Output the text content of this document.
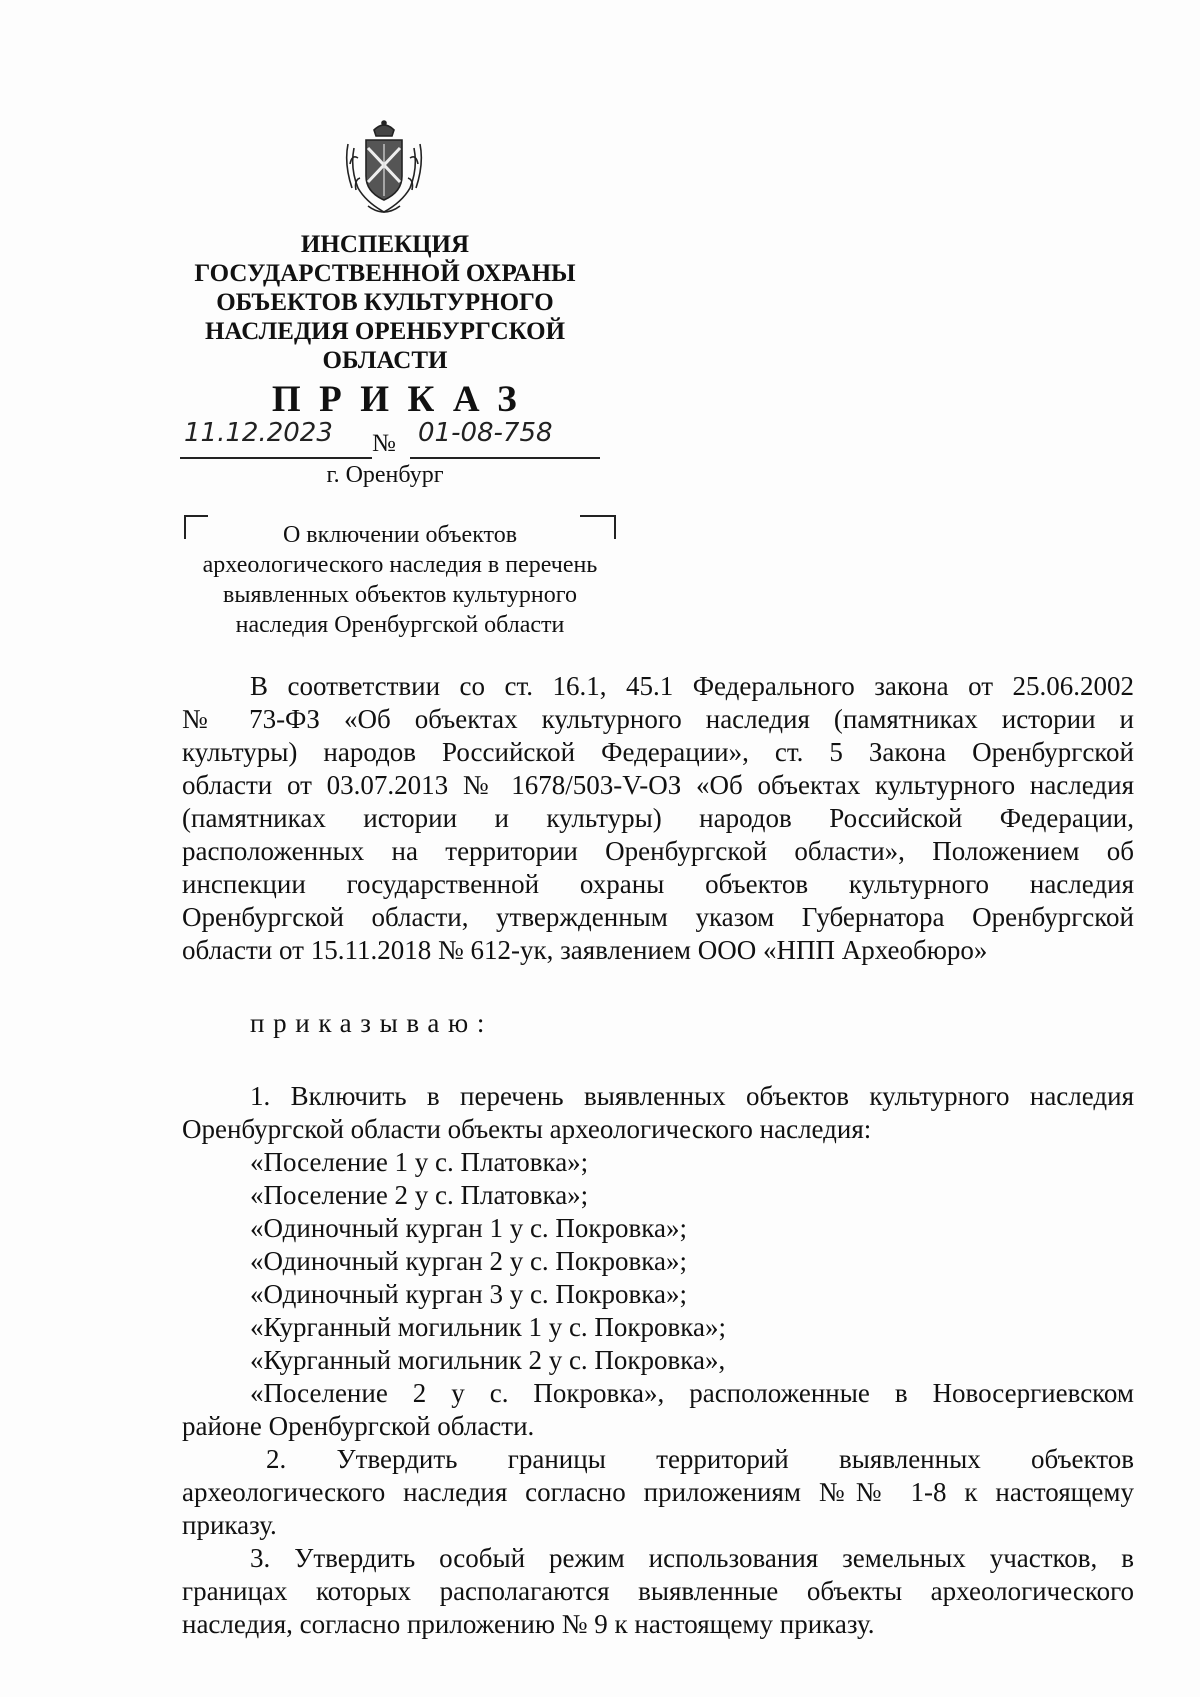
ИНСПЕКЦИЯ
ГОСУДАРСТВЕННОЙ ОХРАНЫ
ОБЪЕКТОВ КУЛЬТУРНОГО
НАСЛЕДИЯ ОРЕНБУРГСКОЙ
ОБЛАСТИ
ПРИКАЗ
11.12.2023	№ 01-08-758
г. Оренбург
О включении объектов
археологического наследия в перечень
выявленных объектов культурного
наследия Оренбургской области
В соответствии со ст. 16.1, 45.1 Федерального закона от 25.06.2002
№ 73-ФЗ «Об объектах культурного наследия (памятниках истории и
культуры) народов Российской Федерации», ст. 5 Закона Оренбургской
области от 03.07.2013 № 1678/503-V-ОЗ «Об объектах культурного наследия
(памятниках истории и культуры) народов Российской Федерации,
расположенных на территории Оренбургской области», Положением об
инспекции государственной охраны объектов культурного наследия
Оренбургской области, утвержденным указом Губернатора Оренбургской
области от 15.11.2018 № 612-ук, заявлением ООО «НПП Археобюро»
приказываю:
1. Включить в перечень выявленных объектов культурного наследия
Оренбургской области объекты археологического наследия:
«Поселение 1 у с. Платовка»;
«Поселение 2 у с. Платовка»;
«Одиночный курган 1 у с. Покровка»;
«Одиночный курган 2 у с. Покровка»;
«Одиночный курган 3 у с. Покровка»;
«Курганный могильник 1 у с. Покровка»;
«Курганный могильник 2 у с. Покровка»,
«Поселение 2 у с. Покровка», расположенные в Новосергиевском
районе Оренбургской области.
2. Утвердить границы территорий выявленных объектов
археологического наследия согласно приложениям №№ 1-8 к настоящему
приказу.
3. Утвердить особый режим использования земельных участков, в
границах которых располагаются выявленные объекты археологического
наследия, согласно приложению № 9 к настоящему приказу.
